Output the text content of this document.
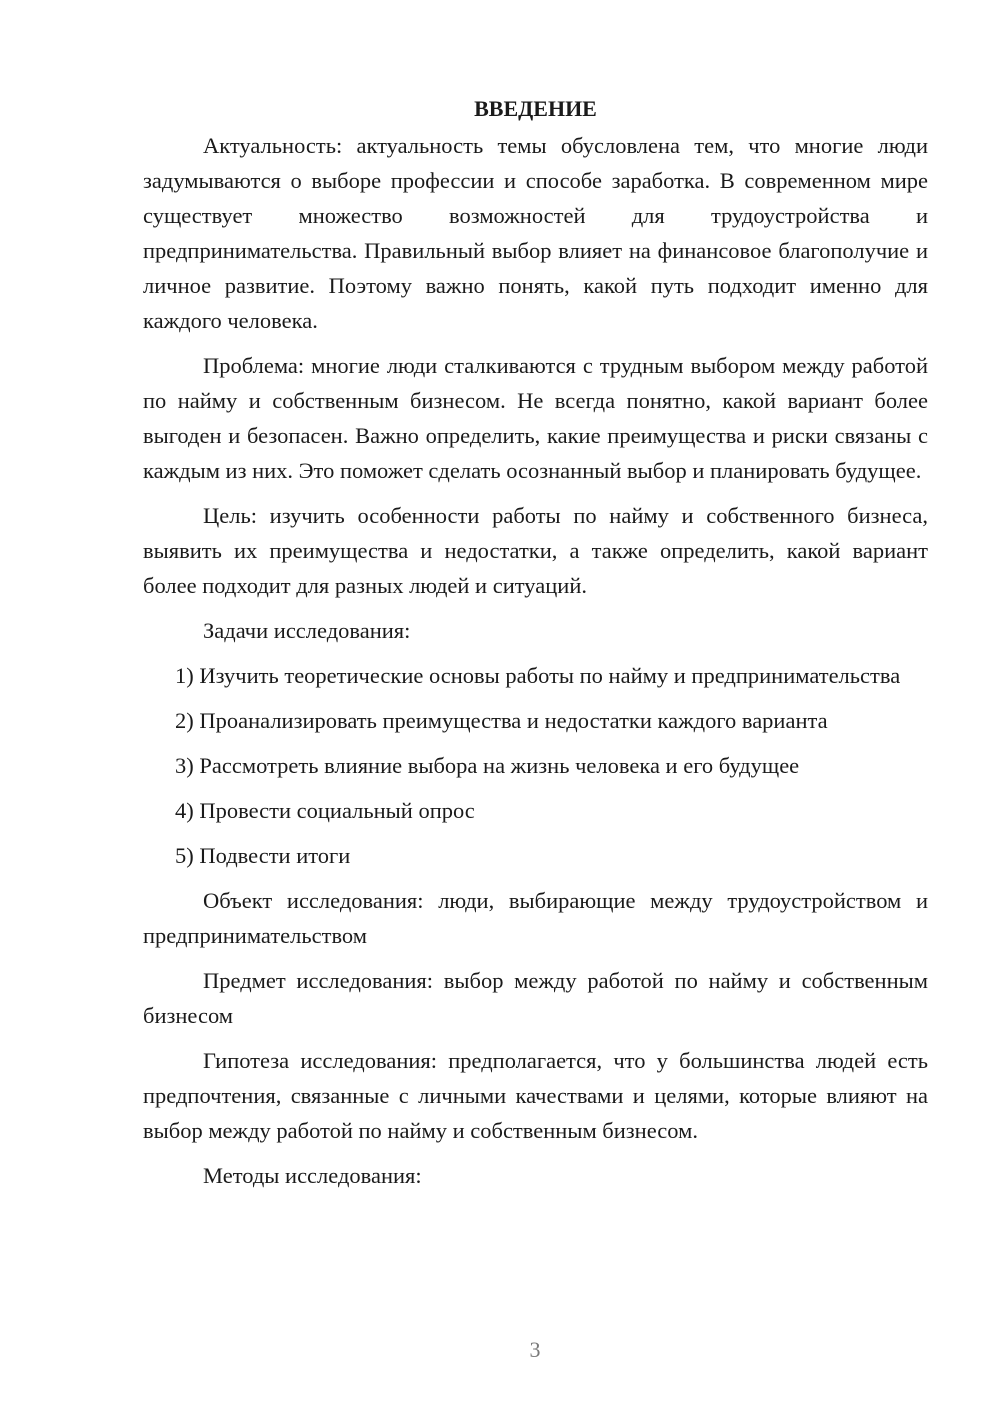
ВВЕДЕНИЕ

Актуальность: актуальность темы обусловлена тем, что многие люди задумываются о выборе профессии и способе заработка. В современном мире существует множество возможностей для трудоустройства и предпринимательства. Правильный выбор влияет на финансовое благополучие и личное развитие. Поэтому важно понять, какой путь подходит именно для каждого человека.

Проблема: многие люди сталкиваются с трудным выбором между работой по найму и собственным бизнесом. Не всегда понятно, какой вариант более выгоден и безопасен. Важно определить, какие преимущества и риски связаны с каждым из них. Это поможет сделать осознанный выбор и планировать будущее.

Цель: изучить особенности работы по найму и собственного бизнеса, выявить их преимущества и недостатки, а также определить, какой вариант более подходит для разных людей и ситуаций.

Задачи исследования:

1) Изучить теоретические основы работы по найму и предпринимательства

2) Проанализировать преимущества и недостатки каждого варианта

3) Рассмотреть влияние выбора на жизнь человека и его будущее

4) Провести социальный опрос

5) Подвести итоги

Объект исследования: люди, выбирающие между трудоустройством и предпринимательством

Предмет исследования: выбор между работой по найму и собственным бизнесом

Гипотеза исследования: предполагается, что у большинства людей есть предпочтения, связанные с личными качествами и целями, которые влияют на выбор между работой по найму и собственным бизнесом.

Методы исследования:

3
